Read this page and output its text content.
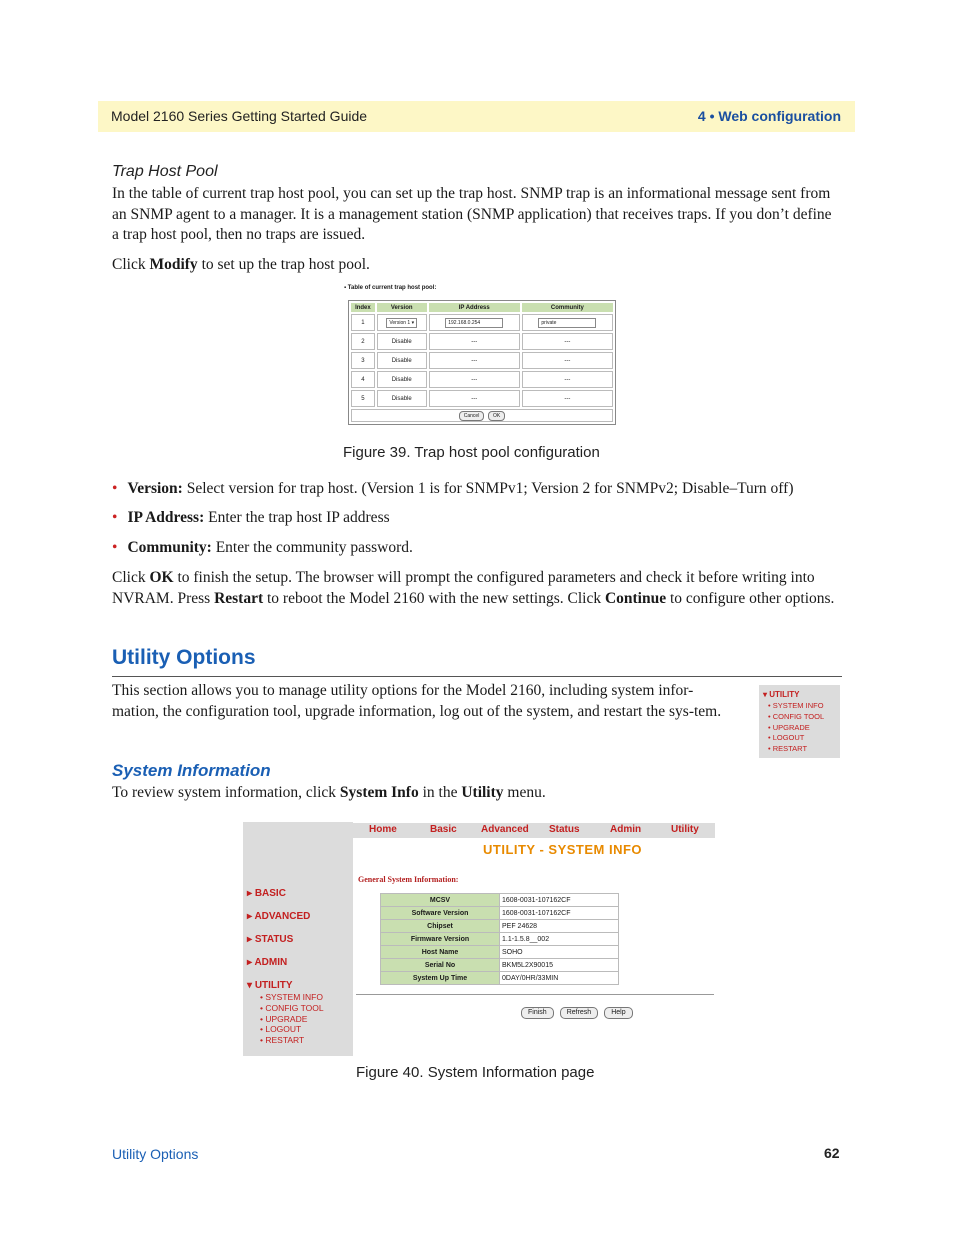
Model 2160 Series Getting Started Guide	4 • Web configuration
Trap Host Pool
In the table of current trap host pool, you can set up the trap host. SNMP trap is an informational message sent from an SNMP agent to a manager. It is a management station (SNMP application) that receives traps. If you don’t define a trap host pool, then no traps are issued.
Click Modify to set up the trap host pool.
▪ Table of current trap host pool:
Index	Version	IP Address	Community
1	Version 1 ▾	192.168.0.254	private
2	Disable	---	---
3	Disable	---	---
4	Disable	---	---
5	Disable	---	---
Cancel OK			
Figure 39. Trap host pool configuration
• Version: Select version for trap host. (Version 1 is for SNMPv1; Version 2 for SNMPv2; Disable–Turn off)
• IP Address: Enter the trap host IP address
• Community: Enter the community password.
Click OK to finish the setup. The browser will prompt the configured parameters and check it before writing into NVRAM. Press Restart to reboot the Model 2160 with the new settings. Click Continue to configure other options.
Utility Options
This section allows you to manage utility options for the Model 2160, including system infor-mation, the configuration tool, upgrade information, log out of the system, and restart the sys-tem.
▾ UTILITY
• SYSTEM INFO
• CONFIG TOOL
• UPGRADE
• LOGOUT
• RESTART
System Information
To review system information, click System Info in the Utility menu.
▸ BASIC
▸ ADVANCED
▸ STATUS
▸ ADMIN
▾ UTILITY
• SYSTEM INFO
• CONFIG TOOL
• UPGRADE
• LOGOUT
• RESTART
Home	Basic Advanced Status	Admin	Utility
UTILITY - SYSTEM INFO
General System Information:
MCSV	1608-0031-107162CF
Software Version	1608-0031-107162CF
Chipset	PEF 24628
Firmware Version	1.1-1.5.8__002
Host Name	SOHO
Serial No	BKM5L2X90015
System Up Time	0DAY/0HR/33MIN
Finish	Refresh	Help
Figure 40. System Information page
Utility Options	62
